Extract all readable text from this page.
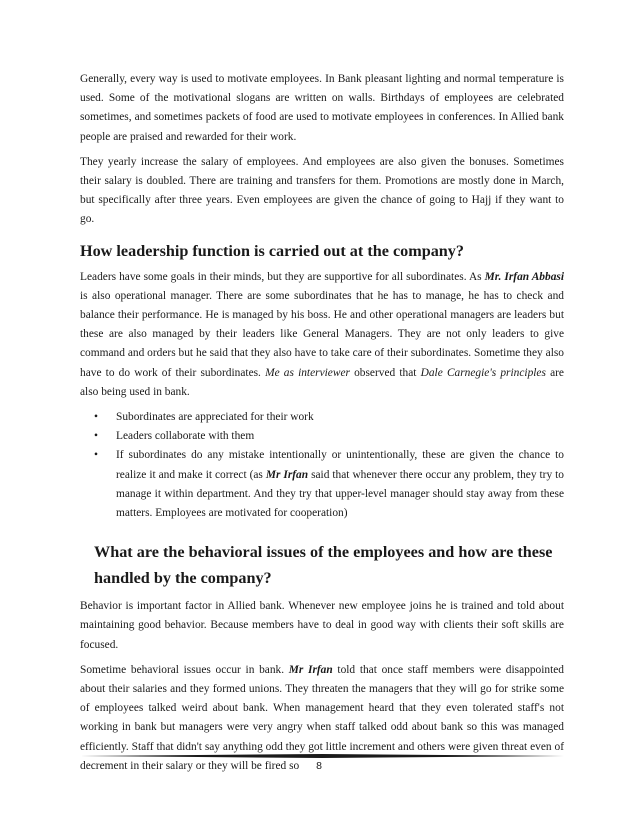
Generally, every way is used to motivate employees. In Bank pleasant lighting and normal temperature is used. Some of the motivational slogans are written on walls. Birthdays of employees are celebrated sometimes, and sometimes packets of food are used to motivate employees in conferences. In Allied bank people are praised and rewarded for their work.

They yearly increase the salary of employees. And employees are also given the bonuses. Sometimes their salary is doubled. There are training and transfers for them. Promotions are mostly done in March, but specifically after three years. Even employees are given the chance of going to Hajj if they want to go.

How leadership function is carried out at the company?

Leaders have some goals in their minds, but they are supportive for all subordinates. As Mr. Irfan Abbasi is also operational manager. There are some subordinates that he has to manage, he has to check and balance their performance. He is managed by his boss. He and other operational managers are leaders but these are also managed by their leaders like General Managers. They are not only leaders to give command and orders but he said that they also have to take care of their subordinates. Sometime they also have to do work of their subordinates. Me as interviewer observed that Dale Carnegie's principles are also being used in bank.

• Subordinates are appreciated for their work

• Leaders collaborate with them

• If subordinates do any mistake intentionally or unintentionally, these are given the chance to realize it and make it correct (as Mr Irfan said that whenever there occur any problem, they try to manage it within department. And they try that upper-level manager should stay away from these matters. Employees are motivated for cooperation)

What are the behavioral issues of the employees and how are these handled by the company?

Behavior is important factor in Allied bank. Whenever new employee joins he is trained and told about maintaining good behavior. Because members have to deal in good way with clients their soft skills are focused.

Sometime behavioral issues occur in bank. Mr Irfan told that once staff members were disappointed about their salaries and they formed unions. They threaten the managers that they will go for strike some of employees talked weird about bank. When management heard that they even tolerated staff's not working in bank but managers were very angry when staff talked odd about bank so this was managed efficiently. Staff that didn't say anything odd they got little increment and others were given threat even of decrement in their salary or they will be fired so	8
